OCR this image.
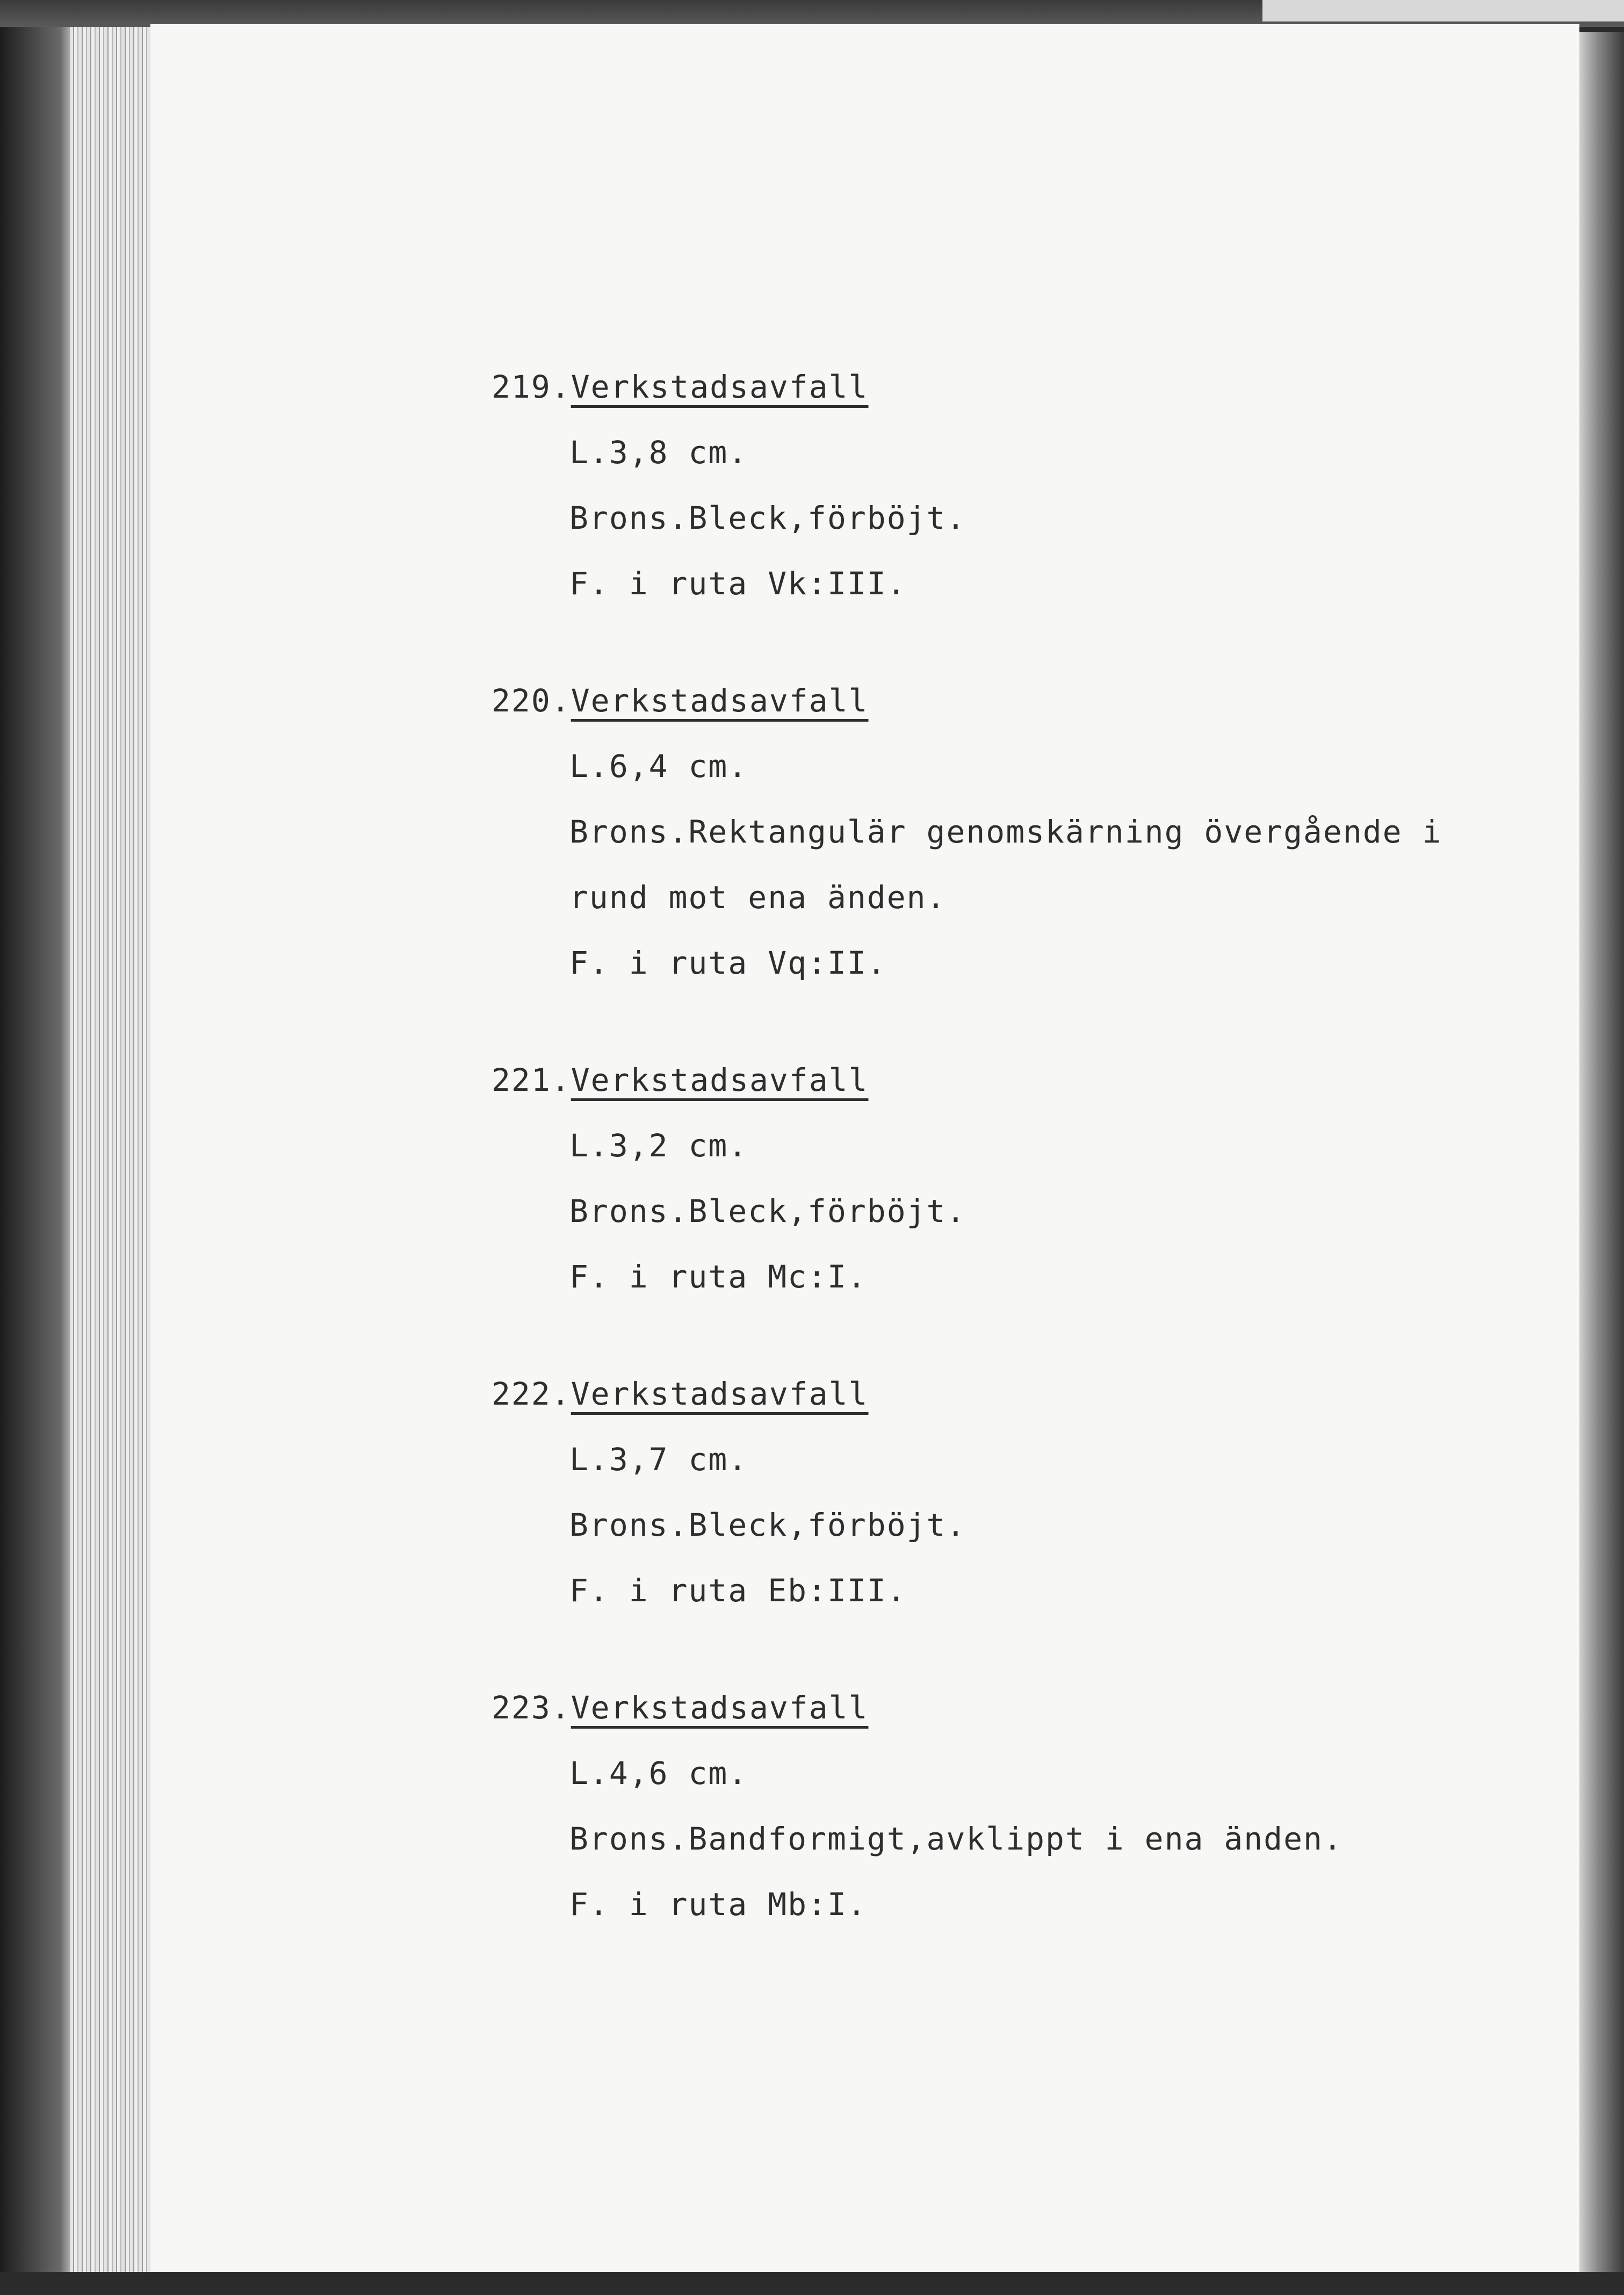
219.Verkstadsavfall
L.3,8 cm.
Brons.Bleck,förböjt.
F. i ruta Vk:III.
220.Verkstadsavfall
L.6,4 cm.
Brons.Rektangulär genomskärning övergående i
rund mot ena änden.
F. i ruta Vq:II.
221.Verkstadsavfall
L.3,2 cm.
Brons.Bleck,förböjt.
F. i ruta Mc:I.
222.Verkstadsavfall
L.3,7 cm.
Brons.Bleck,förböjt.
F. i ruta Eb:III.
223.Verkstadsavfall
L.4,6 cm.
Brons.Bandformigt,avklippt i ena änden.
F. i ruta Mb:I.
